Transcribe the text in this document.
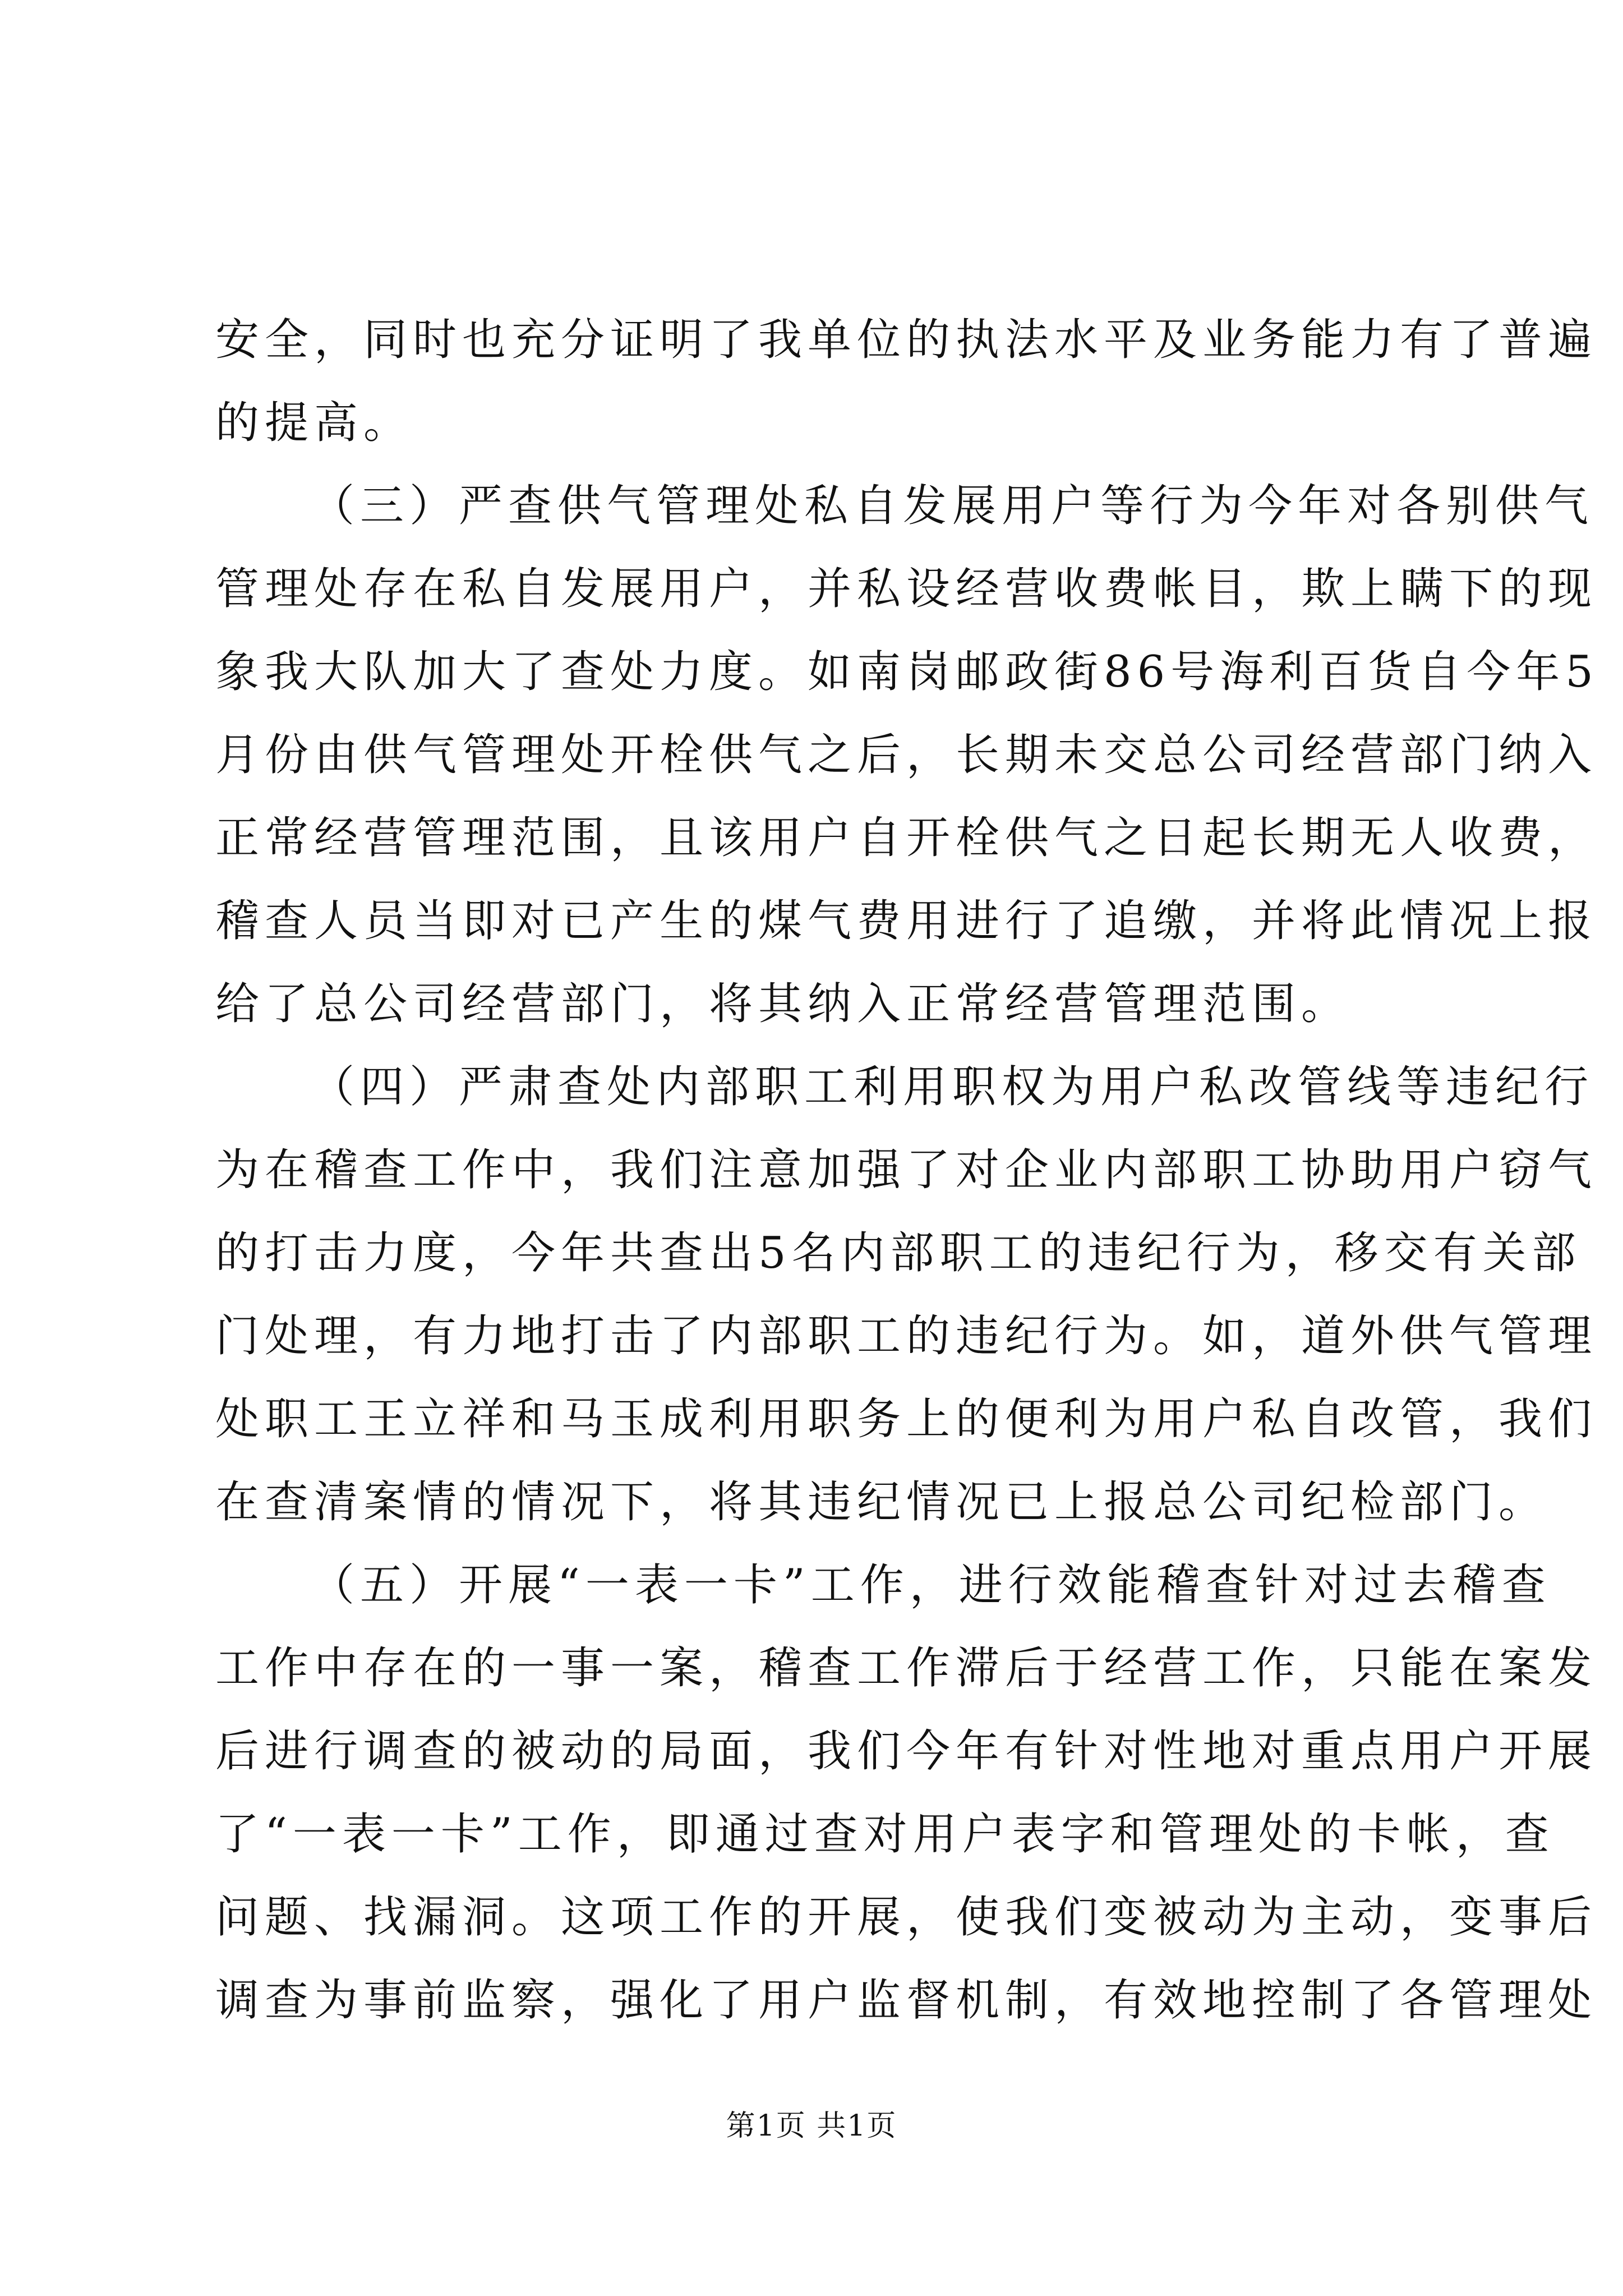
安全，同时也充分证明了我单位的执法水平及业务能力有了普遍
的提高。
（三）严查供气管理处私自发展用户等行为今年对各别供气
管理处存在私自发展用户，并私设经营收费帐目，欺上瞒下的现
象我大队加大了查处力度。如南岗邮政街86号海利百货自今年5
月份由供气管理处开栓供气之后，长期未交总公司经营部门纳入
正常经营管理范围，且该用户自开栓供气之日起长期无人收费，
稽查人员当即对已产生的煤气费用进行了追缴，并将此情况上报
给了总公司经营部门，将其纳入正常经营管理范围。
（四）严肃查处内部职工利用职权为用户私改管线等违纪行
为在稽查工作中，我们注意加强了对企业内部职工协助用户窃气
的打击力度，今年共查出5名内部职工的违纪行为，移交有关部
门处理，有力地打击了内部职工的违纪行为。如，道外供气管理
处职工王立祥和马玉成利用职务上的便利为用户私自改管，我们
在查清案情的情况下，将其违纪情况已上报总公司纪检部门。
（五）开展“一表一卡”工作，进行效能稽查针对过去稽查
工作中存在的一事一案，稽查工作滞后于经营工作，只能在案发
后进行调查的被动的局面，我们今年有针对性地对重点用户开展
了“一表一卡”工作，即通过查对用户表字和管理处的卡帐，查
问题、找漏洞。这项工作的开展，使我们变被动为主动，变事后
调查为事前监察，强化了用户监督机制，有效地控制了各管理处
第1页 共1页
